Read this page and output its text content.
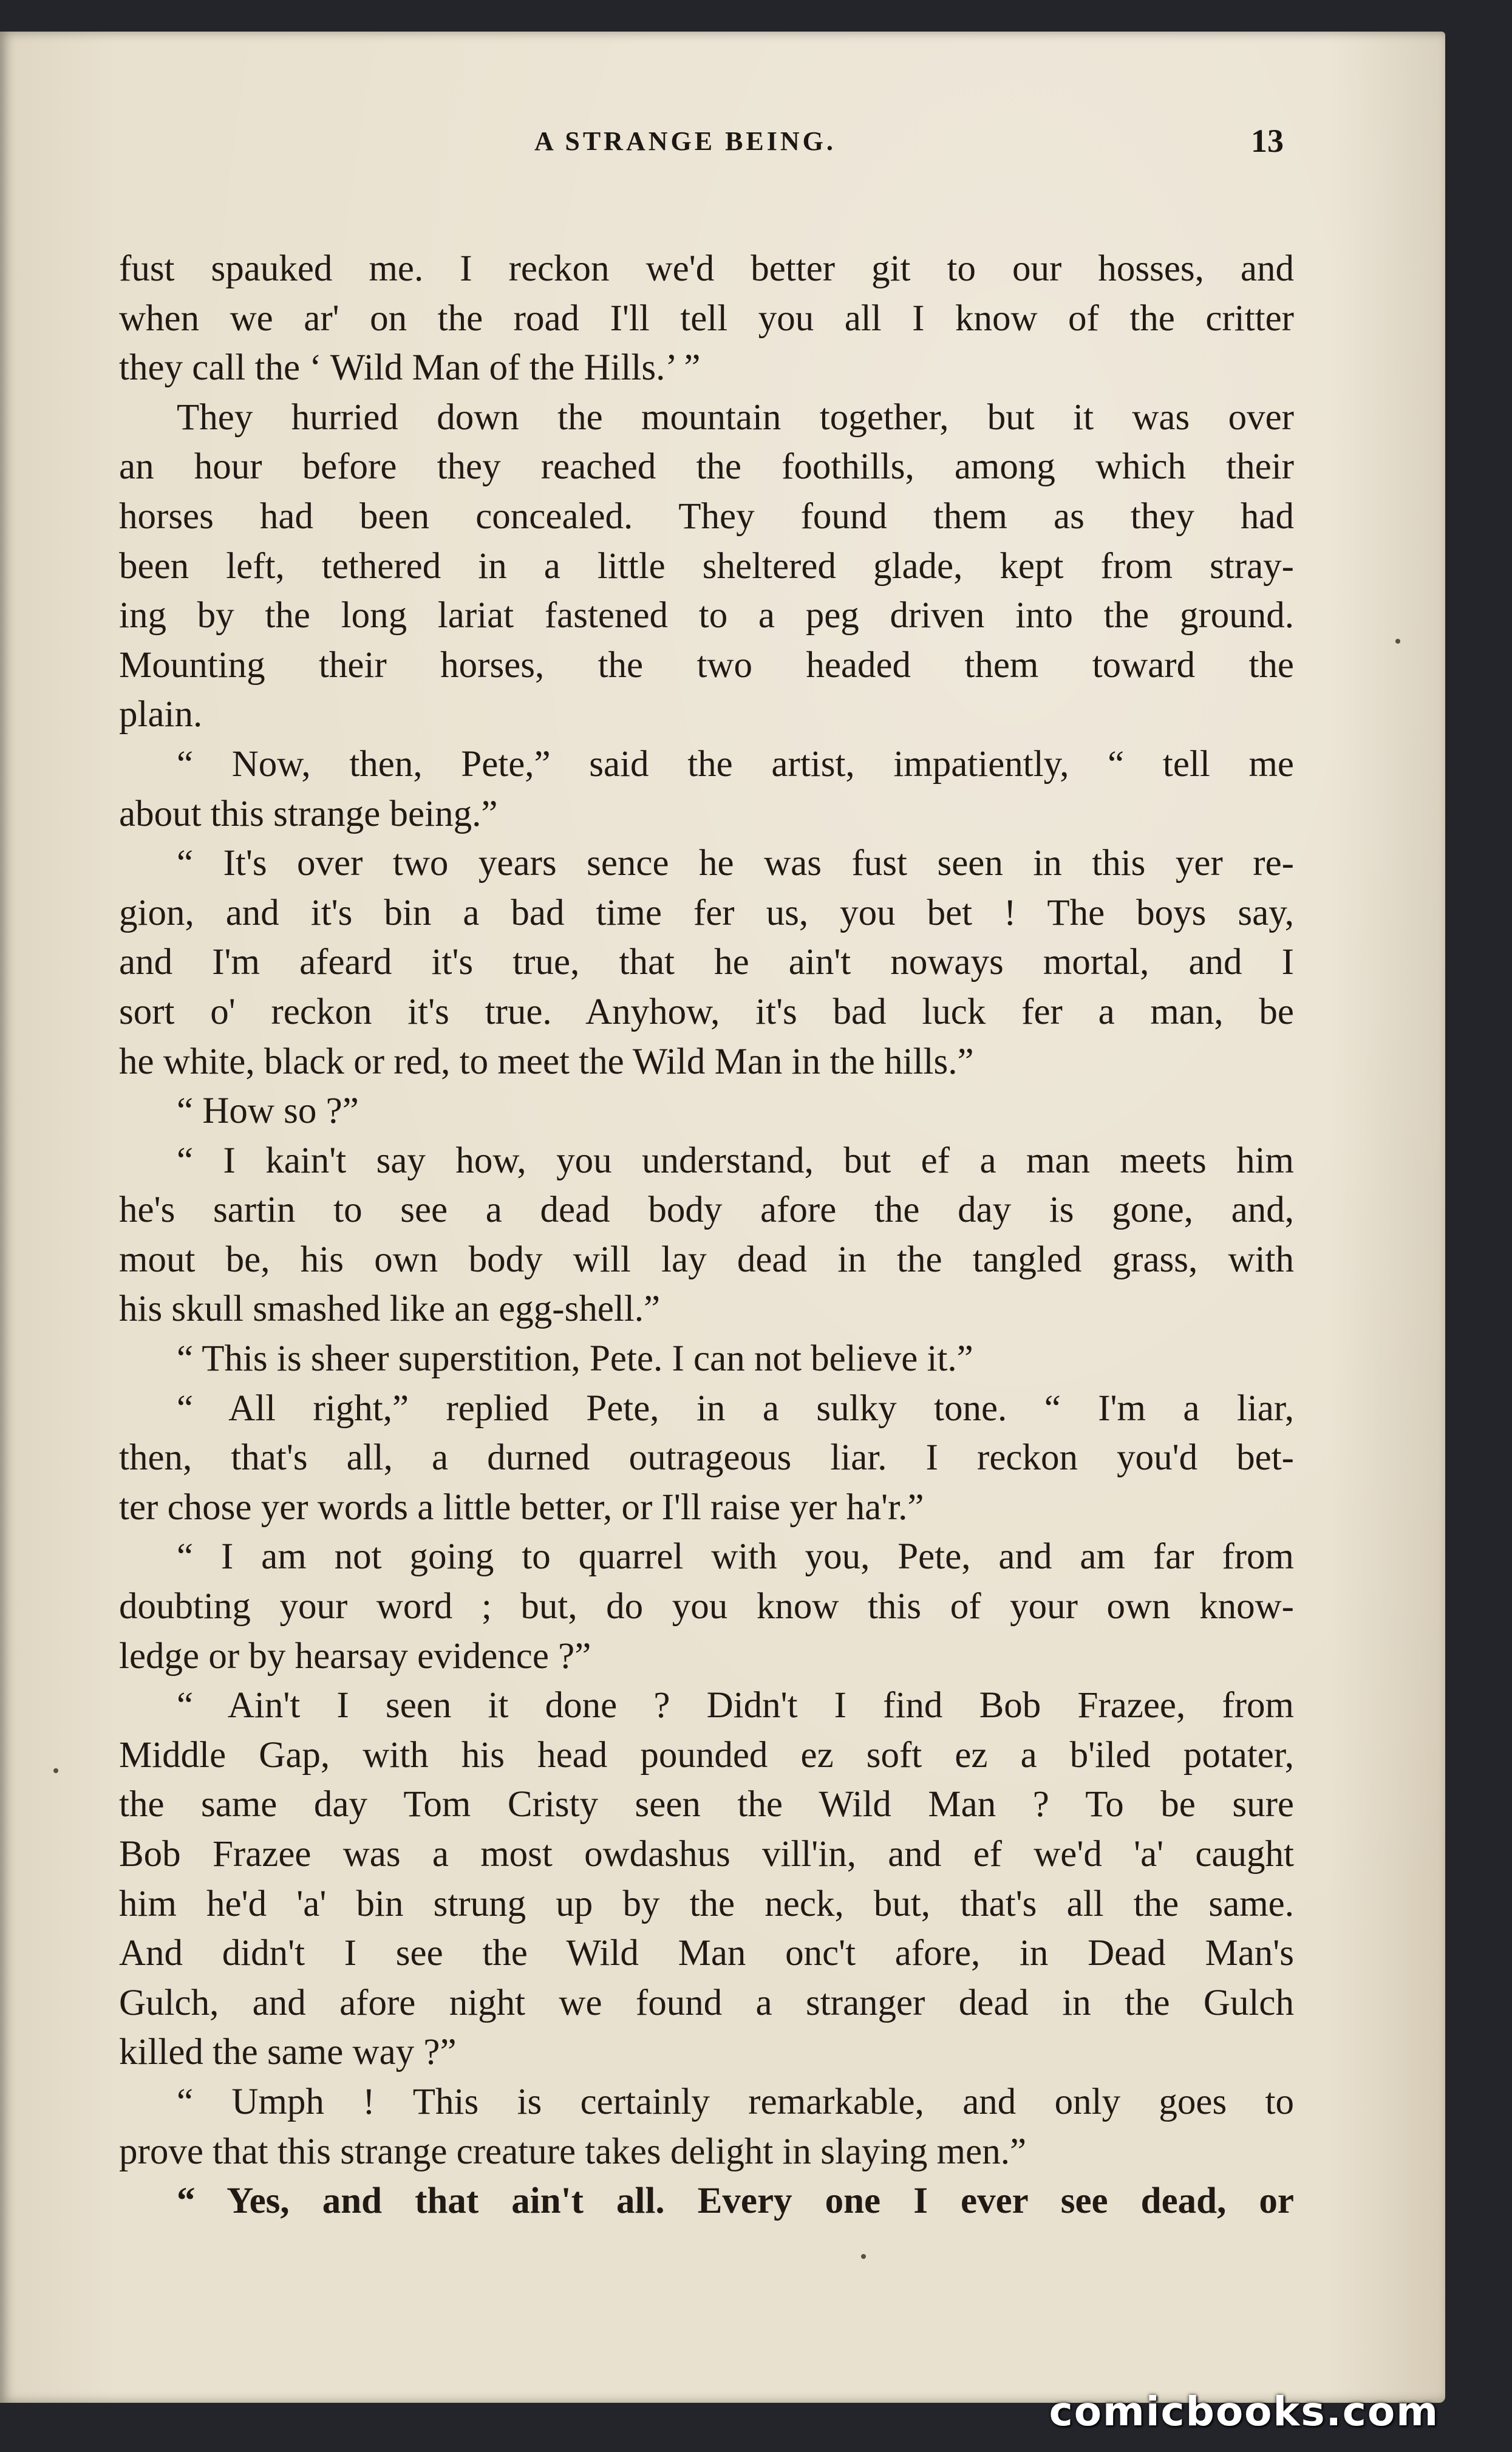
A STRANGE BEING.	13
fust spauked me. I reckon we'd better git to our hosses, and
when we ar' on the road I'll tell you all I know of the critter
they call the ‘ Wild Man of the Hills.’ ”
They hurried down the mountain together, but it was over
an hour before they reached the foothills, among which their
horses had been concealed. They found them as they had
been left, tethered in a little sheltered glade, kept from stray-
ing by the long lariat fastened to a peg driven into the ground.
Mounting their horses, the two headed them toward the
plain.
“ Now, then, Pete,” said the artist, impatiently, “ tell me
about this strange being.”
“ It's over two years sence he was fust seen in this yer re-
gion, and it's bin a bad time fer us, you bet ! The boys say,
and I'm afeard it's true, that he ain't noways mortal, and I
sort o' reckon it's true. Anyhow, it's bad luck fer a man, be
he white, black or red, to meet the Wild Man in the hills.”
“ How so ?”
“ I kain't say how, you understand, but ef a man meets him
he's sartin to see a dead body afore the day is gone, and,
mout be, his own body will lay dead in the tangled grass, with
his skull smashed like an egg-shell.”
“ This is sheer superstition, Pete. I can not believe it.”
“ All right,” replied Pete, in a sulky tone. “ I'm a liar,
then, that's all, a durned outrageous liar. I reckon you'd bet-
ter chose yer words a little better, or I'll raise yer ha'r.”
“ I am not going to quarrel with you, Pete, and am far from
doubting your word ; but, do you know this of your own know-
ledge or by hearsay evidence ?”
“ Ain't I seen it done ? Didn't I find Bob Frazee, from
Middle Gap, with his head pounded ez soft ez a b'iled potater,
the same day Tom Cristy seen the Wild Man ? To be sure
Bob Frazee was a most owdashus vill'in, and ef we'd 'a' caught
him he'd 'a' bin strung up by the neck, but, that's all the same.
And didn't I see the Wild Man onc't afore, in Dead Man's
Gulch, and afore night we found a stranger dead in the Gulch
killed the same way ?”
“ Umph ! This is certainly remarkable, and only goes to
prove that this strange creature takes delight in slaying men.”
“ Yes, and that ain't all. Every one I ever see dead, or
comicbooks.com
